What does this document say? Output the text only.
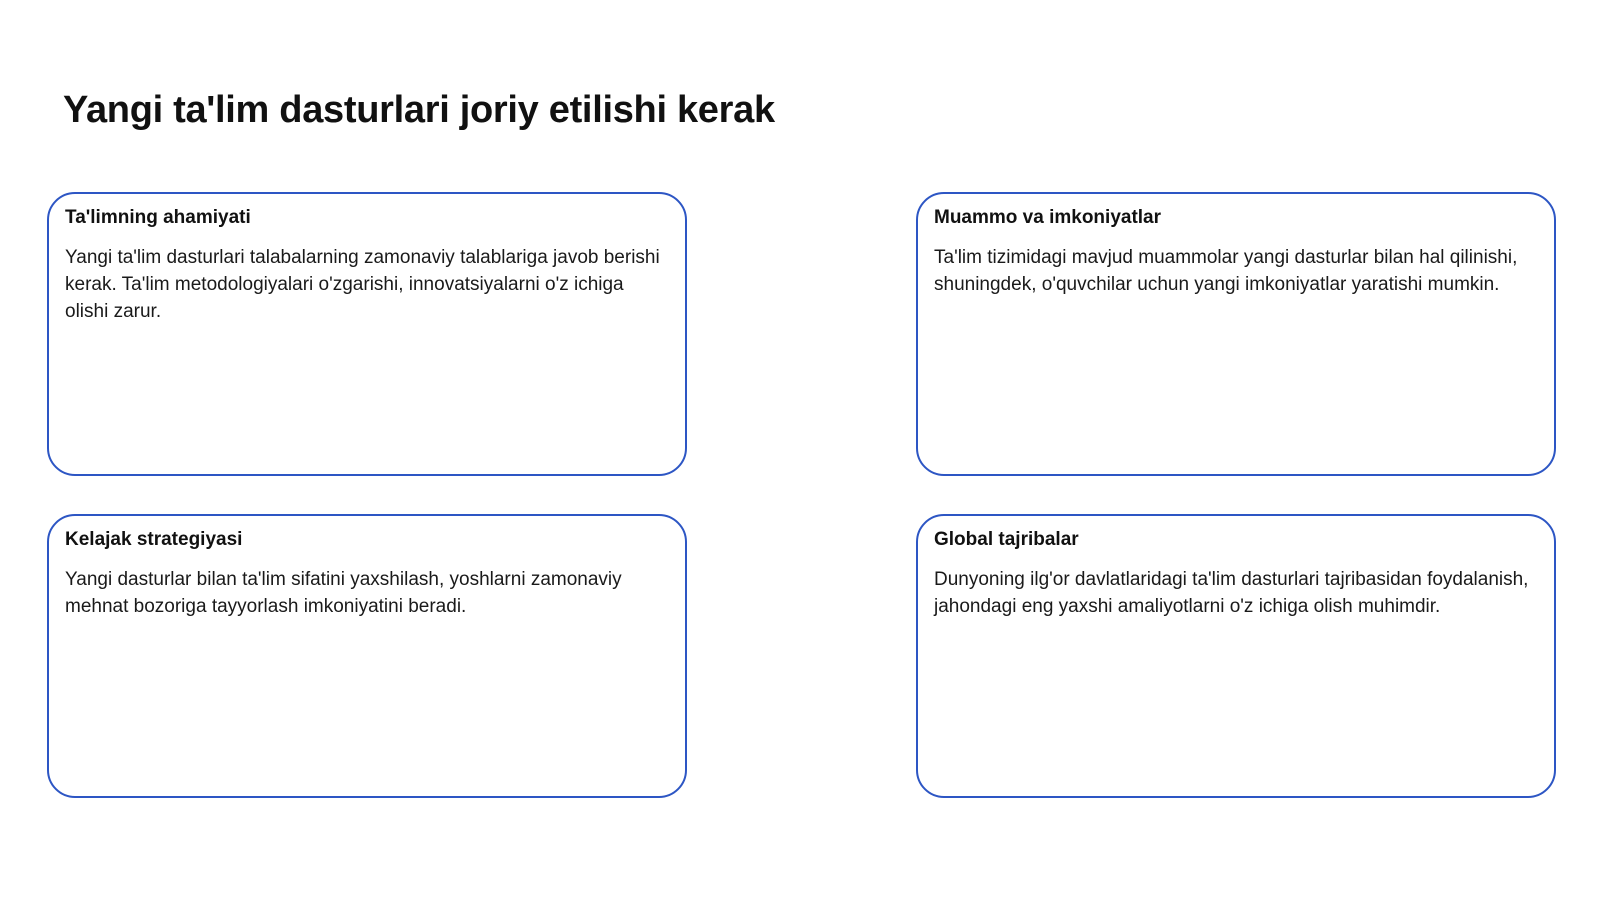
Yangi ta'lim dasturlari joriy etilishi kerak
Ta'limning ahamiyati

Yangi ta'lim dasturlari talabalarning zamonaviy talablariga javob berishi kerak. Ta'lim metodologiyalari o'zgarishi, innovatsiyalarni o'z ichiga olishi zarur.

Muammo va imkoniyatlar

Ta'lim tizimidagi mavjud muammolar yangi dasturlar bilan hal qilinishi, shuningdek, o'quvchilar uchun yangi imkoniyatlar yaratishi mumkin.

Kelajak strategiyasi

Yangi dasturlar bilan ta'lim sifatini yaxshilash, yoshlarni zamonaviy mehnat bozoriga tayyorlash imkoniyatini beradi.

Global tajribalar

Dunyoning ilg'or davlatlaridagi ta'lim dasturlari tajribasidan foydalanish, jahondagi eng yaxshi amaliyotlarni o'z ichiga olish muhimdir.
